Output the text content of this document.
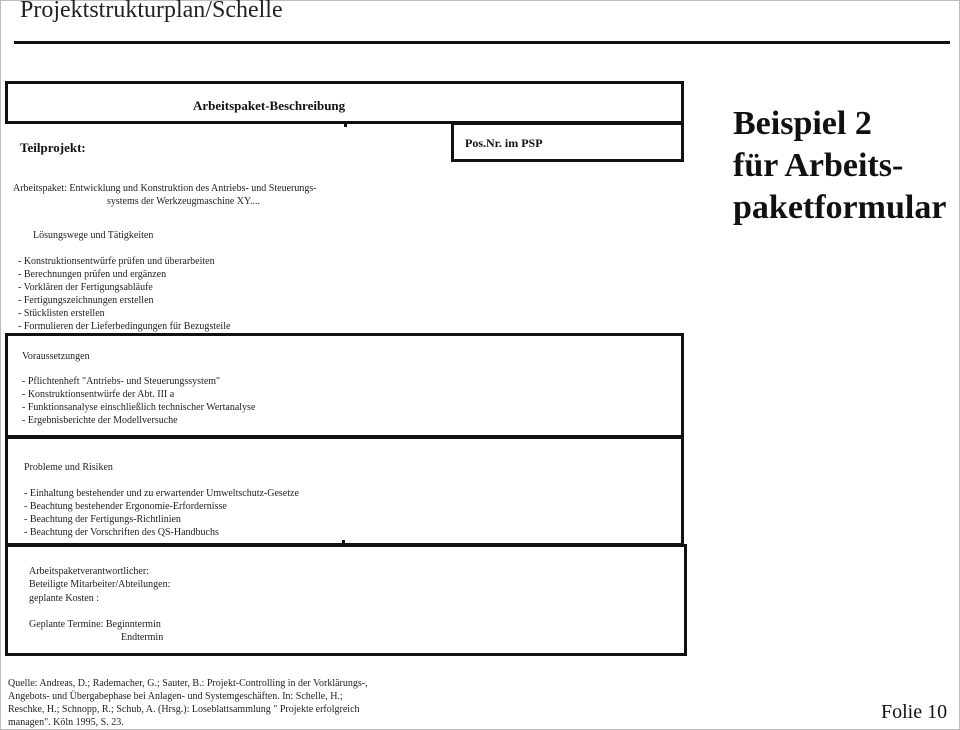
Projektstrukturplan/Schelle
Beispiel 2
für Arbeits-
paketformular
Arbeitspaket-Beschreibung
Teilprojekt:	Pos.Nr. im PSP
Arbeitspaket: Entwicklung und Konstruktion des Antriebs- und Steuerungs-
systems der Werkzeugmaschine XY....
Lösungswege und Tätigkeiten
- Konstruktionsentwürfe prüfen und überarbeiten
- Berechnungen prüfen und ergänzen
- Vorklären der Fertigungsabläufe
- Fertigungszeichnungen erstellen
- Stücklisten erstellen
- Formulieren der Lieferbedingungen für Bezugsteile
Voraussetzungen
- Pflichtenheft "Antriebs- und Steuerungssystem"
- Konstruktionsentwürfe der Abt. III a
- Funktionsanalyse einschließlich technischer Wertanalyse
- Ergebnisberichte der Modellversuche
Probleme und Risiken
- Einhaltung bestehender und zu erwartender Umweltschutz-Gesetze
- Beachtung bestehender Ergonomie-Erfordernisse
- Beachtung der Fertigungs-Richtlinien
- Beachtung der Vorschriften des QS-Handbuchs
Arbeitspaketverantwortlicher:
Beteiligte Mitarbeiter/Abteilungen:
geplante Kosten :
Geplante Termine: Beginntermin
Endtermin
Quelle: Andreas, D.; Rademacher, G.; Sauter, B.: Projekt-Controlling in der Vorklärungs-,
Angebots- und Übergabephase bei Anlagen- und Systemgeschäften. In: Schelle, H.;
Reschke, H.; Schnopp, R.; Schub, A. (Hrsg.): Loseblattsammlung " Projekte erfolgreich
managen". Köln 1995, S. 23.	Folie 10
